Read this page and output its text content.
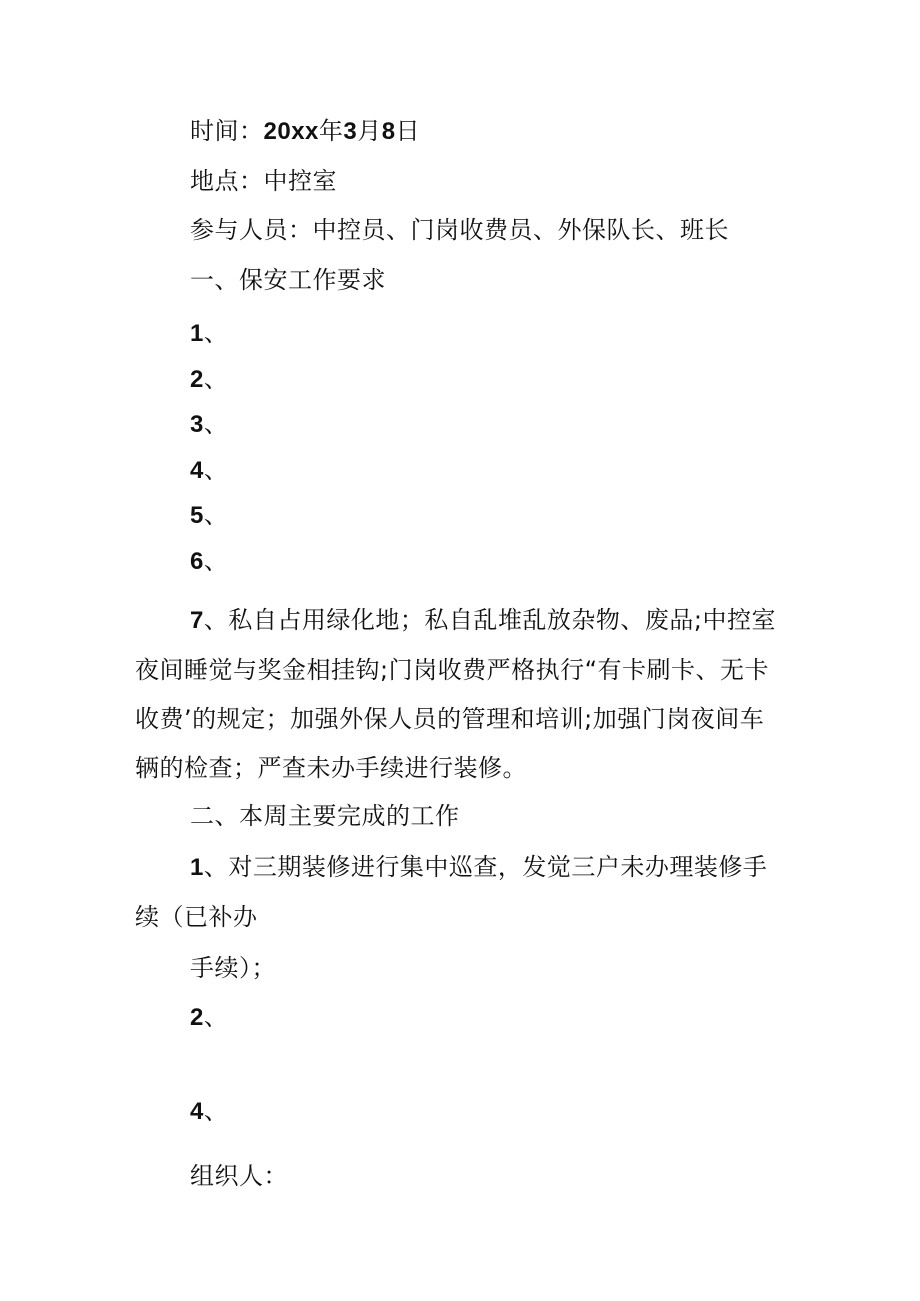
时间：20xx年3月8日
地点：中控室
参与人员：中控员、门岗收费员、外保队长、班长
一、保安工作要求
1、
2、
3、
4、
5、
6、
7、私自占用绿化地；私自乱堆乱放杂物、废品;中控室
夜间睡觉与奖金相挂钩;门岗收费严格执行“有卡刷卡、无卡
收费’的规定；加强外保人员的管理和培训;加强门岗夜间车
辆的检查；严查未办手续进行装修。
二、本周主要完成的工作
1、对三期装修进行集中巡查，发觉三户未办理装修手
续（已补办
手续）；
2、
4、
组织人：
